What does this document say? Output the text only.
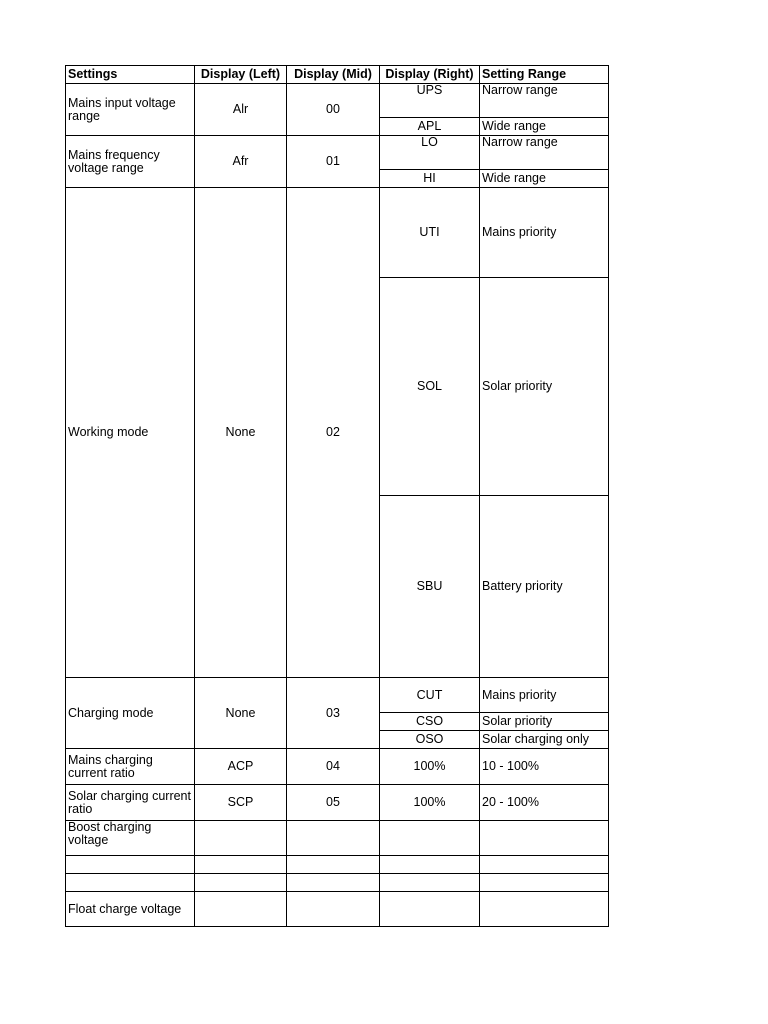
Settings	Display (Left)	Display (Mid)	Display (Right)	Setting Range
Mains input voltage range	Alr	00	UPS	Narrow range
			APL	Wide range
Mains frequency voltage range	Afr	01	LO	Narrow range
			HI	Wide range
Working mode	None	02	UTI	Mains priority
			SOL	Solar priority
			SBU	Battery priority
Charging mode	None	03	CUT	Mains priority
			CSO	Solar priority
			OSO	Solar charging only
Mains charging current ratio	ACP	04	100%	10 - 100%
Solar charging current ratio	SCP	05	100%	20 - 100%
Boost charging voltage				

Float charge voltage				
